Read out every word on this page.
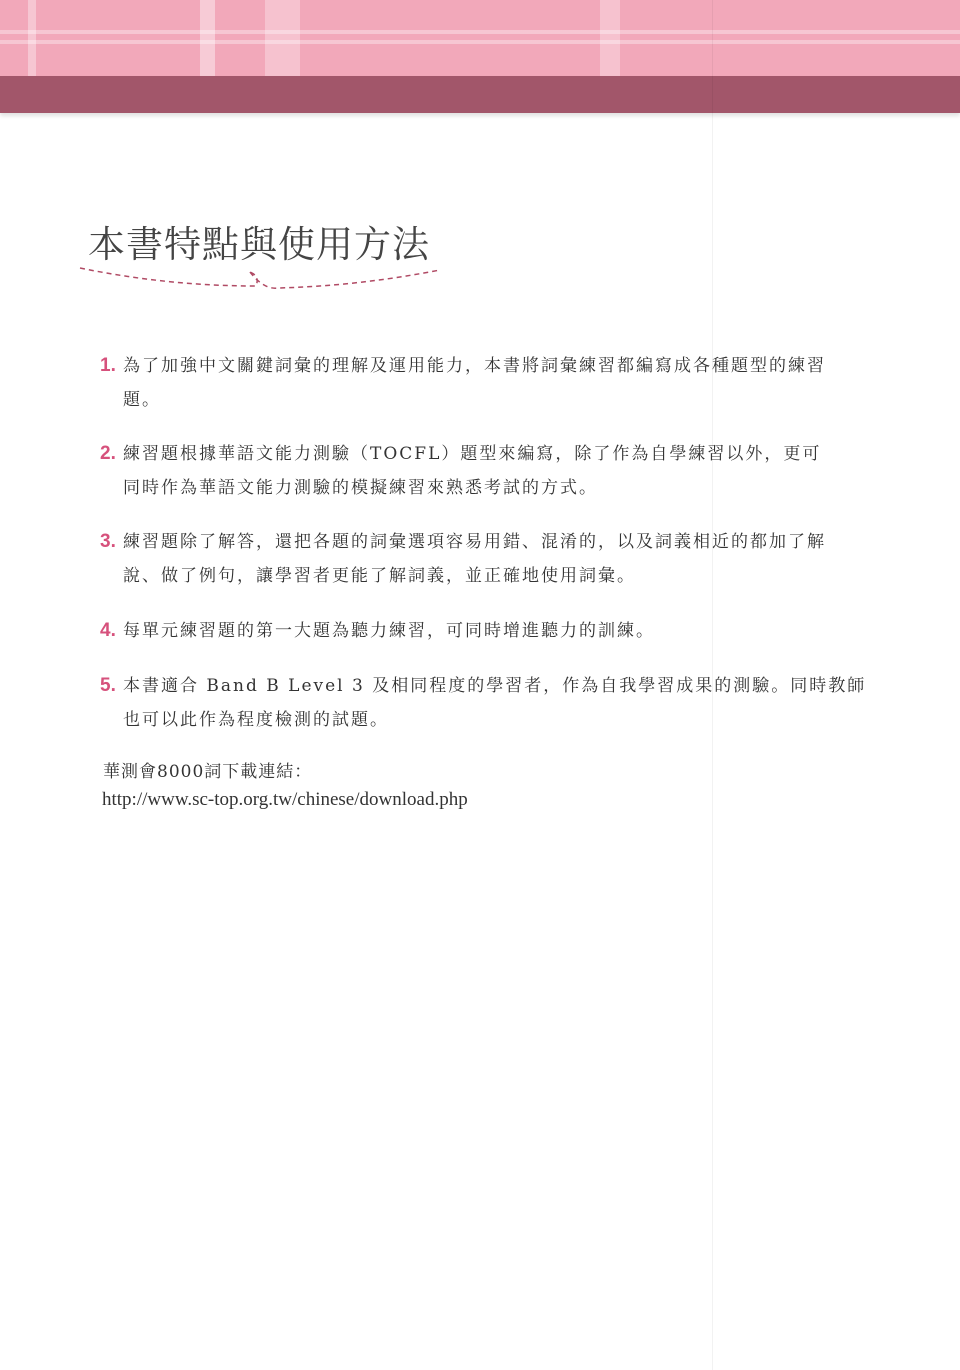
本書特點與使用方法
1. 為了加強中文關鍵詞彙的理解及運用能力，本書將詞彙練習都編寫成各種題型的練習
題。
2. 練習題根據華語文能力測驗（TOCFL）題型來編寫，除了作為自學練習以外，更可
同時作為華語文能力測驗的模擬練習來熟悉考試的方式。
3. 練習題除了解答，還把各題的詞彙選項容易用錯、混淆的，以及詞義相近的都加了解
說、做了例句，讓學習者更能了解詞義，並正確地使用詞彙。
4. 每單元練習題的第一大題為聽力練習，可同時增進聽力的訓練。
5. 本書適合 Band B Level 3 及相同程度的學習者，作為自我學習成果的測驗。同時教師
也可以此作為程度檢測的試題。
華測會8000詞下載連結：
http://www.sc-top.org.tw/chinese/download.php
